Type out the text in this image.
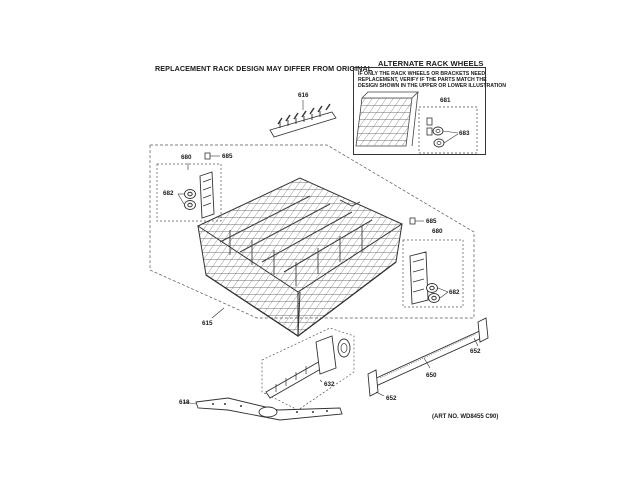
REPLACEMENT RACK DESIGN MAY DIFFER FROM ORIGINAL
ALTERNATE RACK WHEELS
IF ONLY THE RACK WHEELS OR BRACKETS NEED
REPLACEMENT, VERIFY IF THE PARTS MATCH THE
DESIGN SHOWN IN THE UPPER OR LOWER ILLUSTRATION
616
681
683
680	685
682
685
680
682
615
652
650
632
618
652
(ART NO. WD8455 C90)
